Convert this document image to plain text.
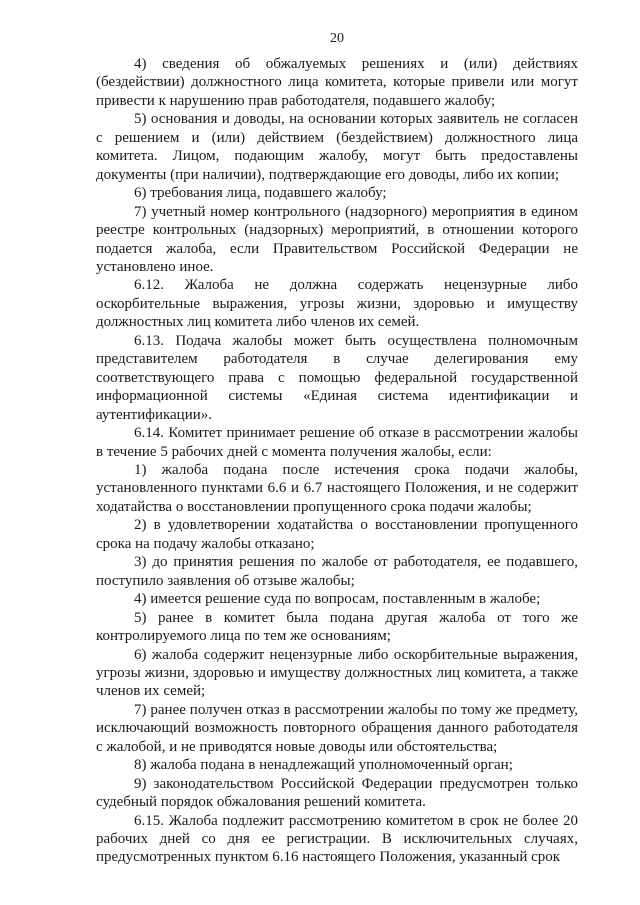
20

4) сведения об обжалуемых решениях и (или) действиях (бездействии) должностного лица комитета, которые привели или могут привести к нарушению прав работодателя, подавшего жалобу;

5) основания и доводы, на основании которых заявитель не согласен с решением и (или) действием (бездействием) должностного лица комитета. Лицом, подающим жалобу, могут быть предоставлены документы (при наличии), подтверждающие его доводы, либо их копии;

6) требования лица, подавшего жалобу;

7) учетный номер контрольного (надзорного) мероприятия в едином реестре контрольных (надзорных) мероприятий, в отношении которого подается жалоба, если Правительством Российской Федерации не установлено иное.

6.12. Жалоба не должна содержать нецензурные либо оскорбительные выражения, угрозы жизни, здоровью и имуществу должностных лиц комитета либо членов их семей.

6.13. Подача жалобы может быть осуществлена полномочным представителем работодателя в случае делегирования ему соответствующего права с помощью федеральной государственной информационной системы «Единая система идентификации и аутентификации».

6.14. Комитет принимает решение об отказе в рассмотрении жалобы в течение 5 рабочих дней с момента получения жалобы, если:

1) жалоба подана после истечения срока подачи жалобы, установленного пунктами 6.6 и 6.7 настоящего Положения, и не содержит ходатайства о восстановлении пропущенного срока подачи жалобы;

2) в удовлетворении ходатайства о восстановлении пропущенного срока на подачу жалобы отказано;

3) до принятия решения по жалобе от работодателя, ее подавшего, поступило заявления об отзыве жалобы;

4) имеется решение суда по вопросам, поставленным в жалобе;

5) ранее в комитет была подана другая жалоба от того же контролируемого лица по тем же основаниям;

6) жалоба содержит нецензурные либо оскорбительные выражения, угрозы жизни, здоровью и имуществу должностных лиц комитета, а также членов их семей;

7) ранее получен отказ в рассмотрении жалобы по тому же предмету, исключающий возможность повторного обращения данного работодателя с жалобой, и не приводятся новые доводы или обстоятельства;

8) жалоба подана в ненадлежащий уполномоченный орган;

9) законодательством Российской Федерации предусмотрен только судебный порядок обжалования решений комитета.

6.15. Жалоба подлежит рассмотрению комитетом в срок не более 20 рабочих дней со дня ее регистрации. В исключительных случаях, предусмотренных пунктом 6.16 настоящего Положения, указанный срок
